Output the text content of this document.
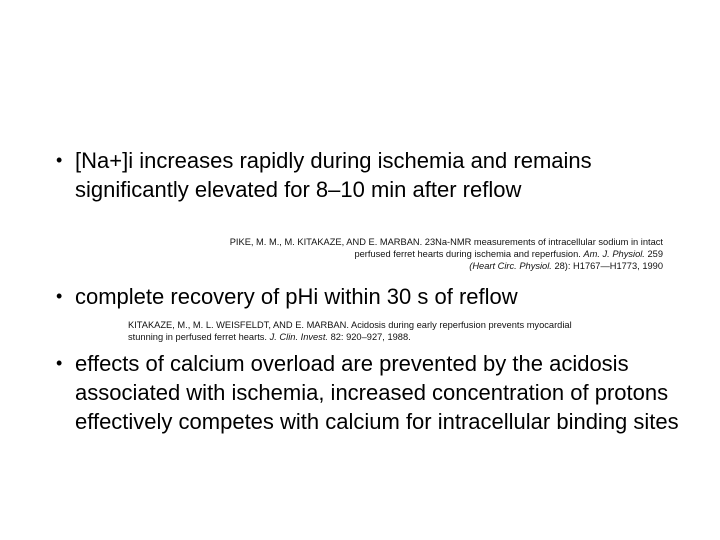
• [Na+]i increases rapidly during ischemia and remains significantly elevated for 8–10 min after reflow
PIKE, M. M., M. KITAKAZE, AND E. MARBAN. 23Na-NMR measurements of intracellular sodium in intact
perfused ferret hearts during ischemia and reperfusion. Am. J. Physiol. 259
(Heart Circ. Physiol. 28): H1767—H1773, 1990
• complete recovery of pHi within 30 s of reflow
KITAKAZE, M., M. L. WEISFELDT, AND E. MARBAN. Acidosis during early reperfusion prevents myocardial
stunning in perfused ferret hearts. J. Clin. Invest. 82: 920–927, 1988.
• effects of calcium overload are prevented by the acidosis associated with ischemia, increased concentration of protons effectively competes with calcium for intracellular binding sites
